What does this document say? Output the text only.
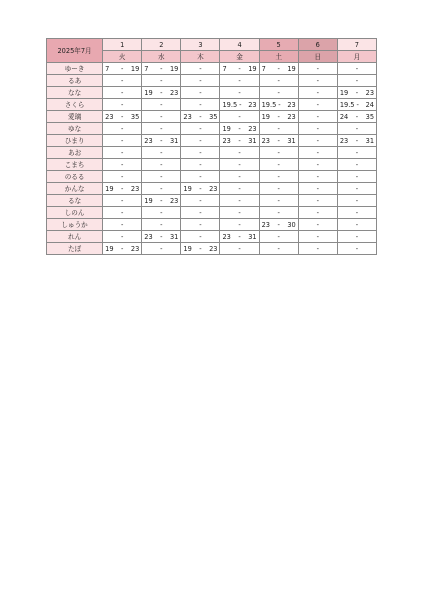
2025年7月	1	2	3	4	5	6	7
	火	水	木	金	土	日	月
ゆーき	7 - 19	7 - 19	-	7 - 19	7 - 19	-	-

るあ	-	-	-	-	-	-	-

なな	-	19 - 23	-	-	-	-	19 - 23

さくら	-	-	-	19.5 - 23	19.5 - 23	-	19.5 - 24

愛璃	23 - 35	-	23 - 35	-	19 - 23	-	24 - 35

ゆな	-	-	-	19 - 23	-	-	-

ひまり	-	23 - 31	-	23 - 31	23 - 31	-	23 - 31

あお	-	-	-	-	-	-	-

こまち	-	-	-	-	-	-	-

のるる	-	-	-	-	-	-	-

かんな	19 - 23	-	19 - 23	-	-	-	-

るな	-	19 - 23	-	-	-	-	-

しのん	-	-	-	-	-	-	-

しゅうか	-	-	-	-	23 - 30	-	-

れん	-	23 - 31	-	23 - 31	-	-	-

たぼ	19 - 23	-	19 - 23	-	-	-	-
